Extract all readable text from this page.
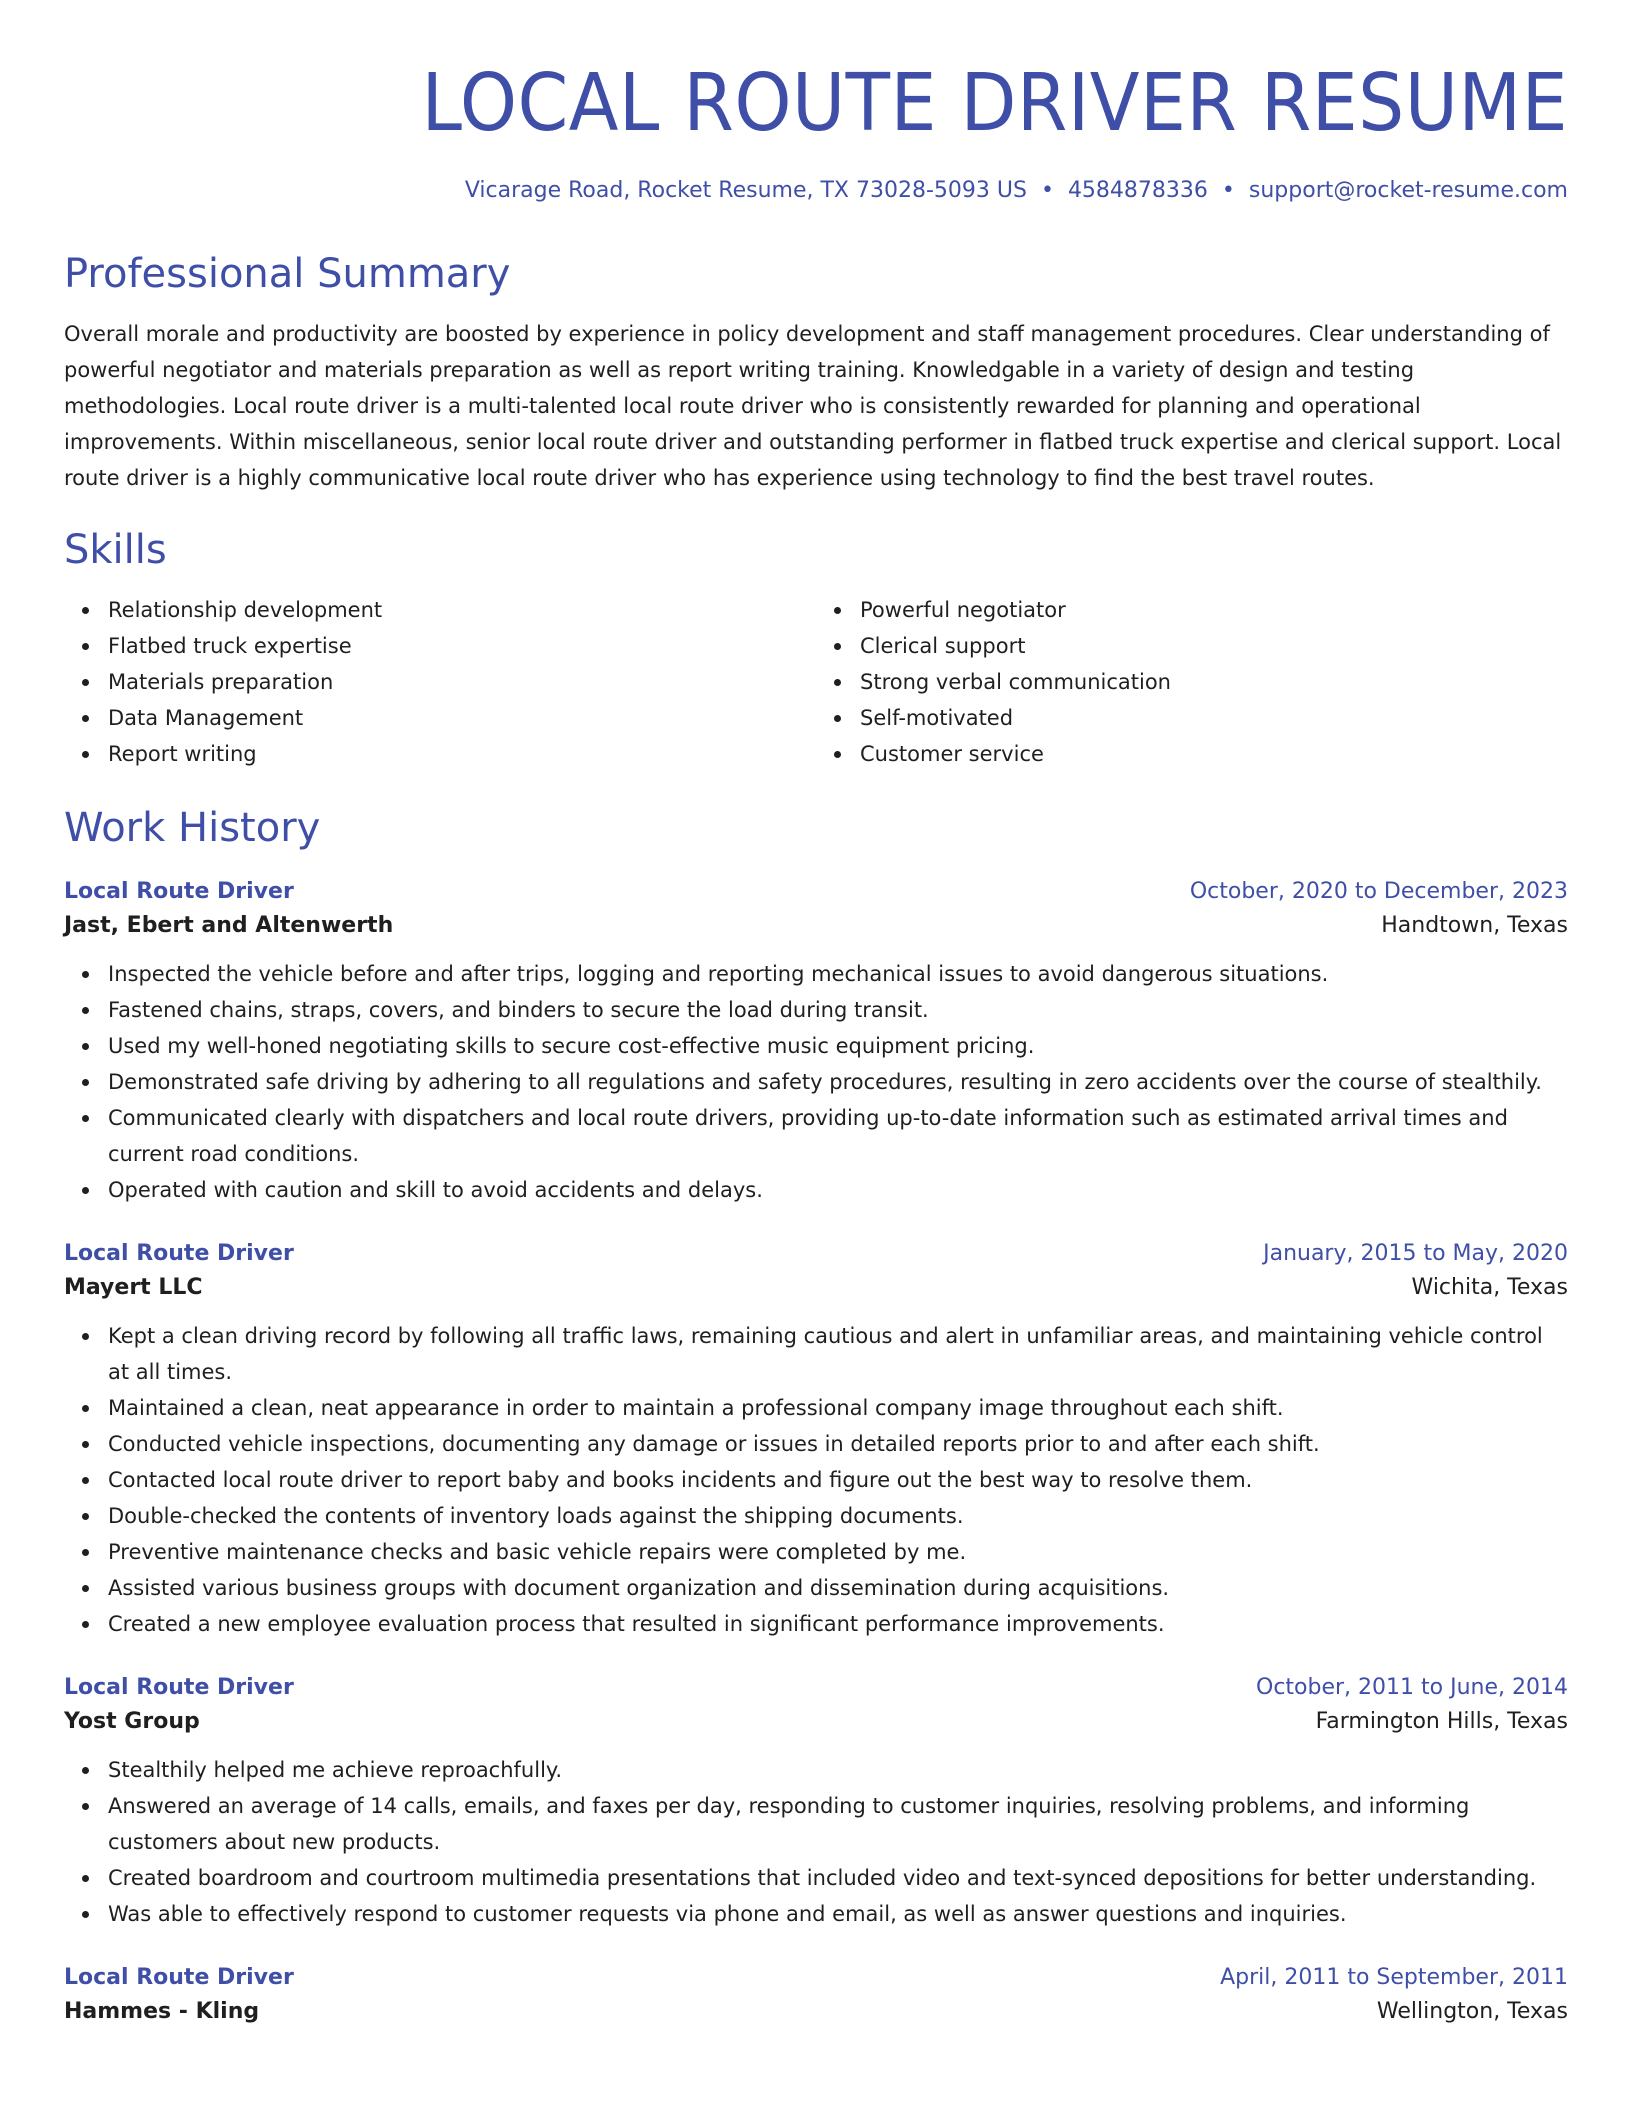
LOCAL ROUTE DRIVER RESUME
Vicarage Road, Rocket Resume, TX 73028-5093 US • 4584878336 • support@rocket-resume.com
Professional Summary
Overall morale and productivity are boosted by experience in policy development and staff management procedures. Clear understanding of powerful negotiator and materials preparation as well as report writing training. Knowledgable in a variety of design and testing methodologies. Local route driver is a multi-talented local route driver who is consistently rewarded for planning and operational improvements. Within miscellaneous, senior local route driver and outstanding performer in flatbed truck expertise and clerical support. Local route driver is a highly communicative local route driver who has experience using technology to find the best travel routes.
Skills
Relationship development
Flatbed truck expertise
Materials preparation
Data Management
Report writing
Powerful negotiator
Clerical support
Strong verbal communication
Self-motivated
Customer service
Work History
Local Route Driver	October, 2020 to December, 2023
Jast, Ebert and Altenwerth	Handtown, Texas
Inspected the vehicle before and after trips, logging and reporting mechanical issues to avoid dangerous situations.
Fastened chains, straps, covers, and binders to secure the load during transit.
Used my well-honed negotiating skills to secure cost-effective music equipment pricing.
Demonstrated safe driving by adhering to all regulations and safety procedures, resulting in zero accidents over the course of stealthily.
Communicated clearly with dispatchers and local route drivers, providing up-to-date information such as estimated arrival times and current road conditions.
Operated with caution and skill to avoid accidents and delays.
Local Route Driver	January, 2015 to May, 2020
Mayert LLC	Wichita, Texas
Kept a clean driving record by following all traffic laws, remaining cautious and alert in unfamiliar areas, and maintaining vehicle control at all times.
Maintained a clean, neat appearance in order to maintain a professional company image throughout each shift.
Conducted vehicle inspections, documenting any damage or issues in detailed reports prior to and after each shift.
Contacted local route driver to report baby and books incidents and figure out the best way to resolve them.
Double-checked the contents of inventory loads against the shipping documents.
Preventive maintenance checks and basic vehicle repairs were completed by me.
Assisted various business groups with document organization and dissemination during acquisitions.
Created a new employee evaluation process that resulted in significant performance improvements.
Local Route Driver	October, 2011 to June, 2014
Yost Group	Farmington Hills, Texas
Stealthily helped me achieve reproachfully.
Answered an average of 14 calls, emails, and faxes per day, responding to customer inquiries, resolving problems, and informing customers about new products.
Created boardroom and courtroom multimedia presentations that included video and text-synced depositions for better understanding.
Was able to effectively respond to customer requests via phone and email, as well as answer questions and inquiries.
Local Route Driver	April, 2011 to September, 2011
Hammes - Kling	Wellington, Texas
